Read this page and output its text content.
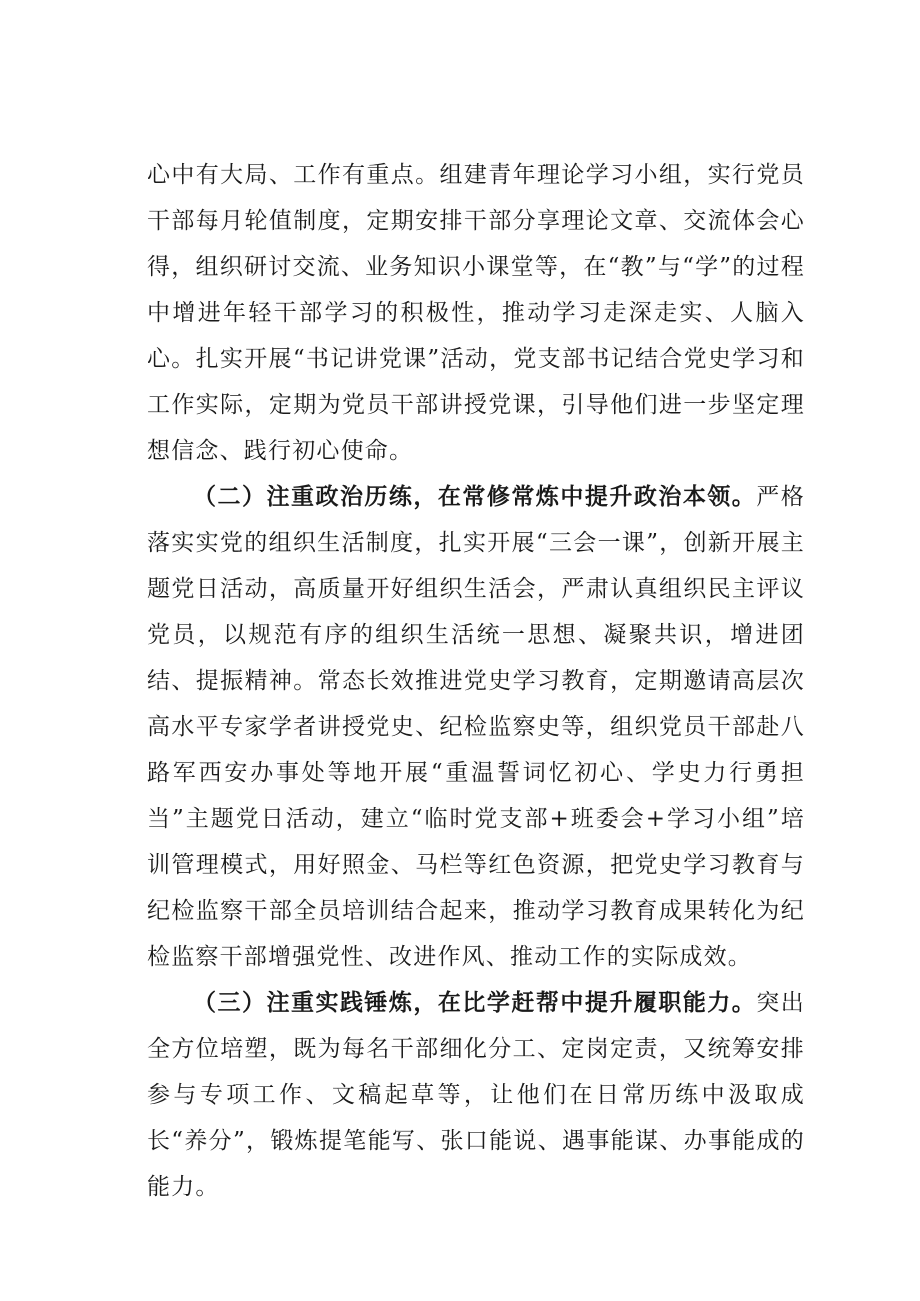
心中有大局、工作有重点。组建青年理论学习小组，实行党员干部每月轮值制度，定期安排干部分享理论文章、交流体会心得，组织研讨交流、业务知识小课堂等，在“教”与“学”的过程中增进年轻干部学习的积极性，推动学习走深走实、人脑入心。扎实开展“书记讲党课”活动，党支部书记结合党史学习和工作实际，定期为党员干部讲授党课，引导他们进一步坚定理想信念、践行初心使命。

（二）注重政治历练，在常修常炼中提升政治本领。严格落实实党的组织生活制度，扎实开展“三会一课”，创新开展主题党日活动，高质量开好组织生活会，严肃认真组织民主评议党员，以规范有序的组织生活统一思想、凝聚共识，增进团结、提振精神。常态长效推进党史学习教育，定期邀请高层次高水平专家学者讲授党史、纪检监察史等，组织党员干部赴八路军西安办事处等地开展“重温誓词忆初心、学史力行勇担当”主题党日活动，建立“临时党支部+班委会+学习小组”培训管理模式，用好照金、马栏等红色资源，把党史学习教育与纪检监察干部全员培训结合起来，推动学习教育成果转化为纪检监察干部增强党性、改进作风、推动工作的实际成效。

（三）注重实践锤炼，在比学赶帮中提升履职能力。突出全方位培塑，既为每名干部细化分工、定岗定责，又统筹安排参与专项工作、文稿起草等，让他们在日常历练中汲取成长“养分”，锻炼提笔能写、张口能说、遇事能谋、办事能成的能力。
